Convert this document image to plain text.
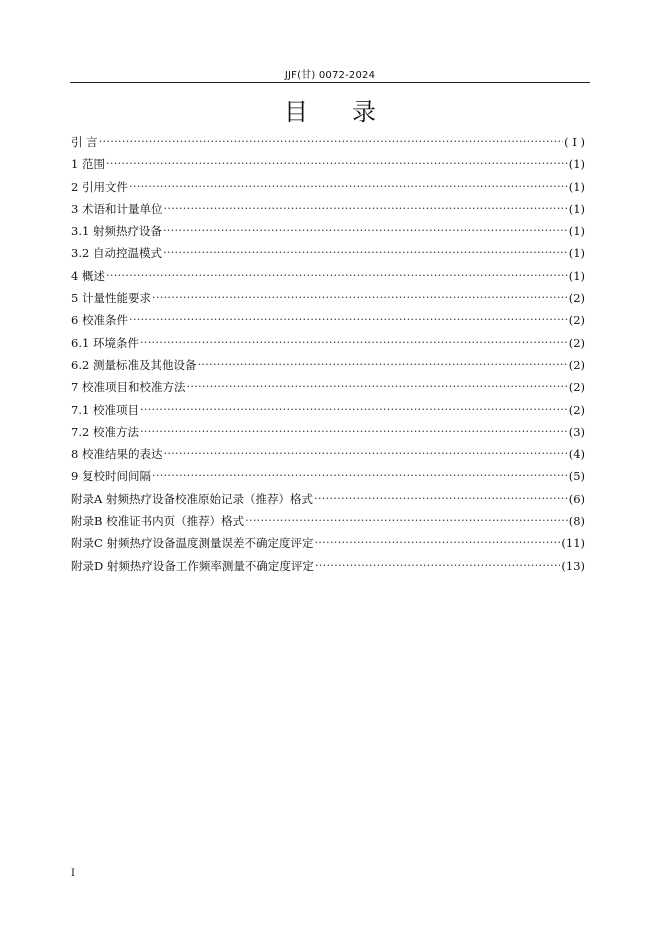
JJF(甘) 0072-2024
目 录
引 言 ·····	( Ⅰ )
1 范围 ·····	(1)
2 引用文件 ·····	(1)
3 术语和计量单位 ·····	(1)
3.1 射频热疗设备 ·····	(1)
3.2 自动控温模式 ·····	(1)
4 概述 ·····	(1)
5 计量性能要求 ·····	(2)
6 校准条件 ·····	(2)
6.1 环境条件 ·····	(2)
6.2 测量标准及其他设备 ·····	(2)
7 校准项目和校准方法 ·····	(2)
7.1 校准项目 ·····	(2)
7.2 校准方法 ·····	(3)
8 校准结果的表达 ·····	(4)
9 复校时间间隔 ·····	(5)
附录A 射频热疗设备校准原始记录（推荐）格式 ·····	(6)
附录B 校准证书内页（推荐）格式 ·····	(8)
附录C 射频热疗设备温度测量误差不确定度评定 ·····	(11)
附录D 射频热疗设备工作频率测量不确定度评定 ·····	(13)
I
